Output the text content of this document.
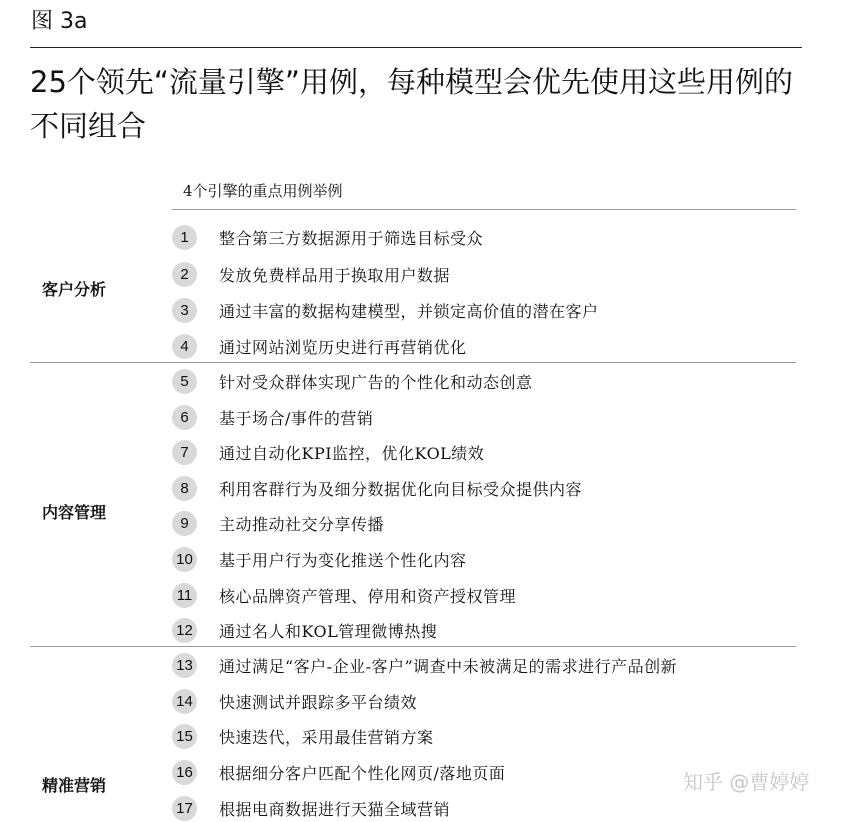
图 3a
25个领先“流量引擎”用例，每种模型会优先使用这些用例的不同组合
4个引擎的重点用例举例
客户分析
1	整合第三方数据源用于筛选目标受众
2	发放免费样品用于换取用户数据
3	通过丰富的数据构建模型，并锁定高价值的潜在客户
4	通过网站浏览历史进行再营销优化
内容管理
5	针对受众群体实现广告的个性化和动态创意
6	基于场合/事件的营销
7	通过自动化KPI监控，优化KOL绩效
8	利用客群行为及细分数据优化向目标受众提供内容
9	主动推动社交分享传播
10 基于用户行为变化推送个性化内容
11 核心品牌资产管理、停用和资产授权管理
12 通过名人和KOL管理微博热搜
精准营销
13 通过满足“客户-企业-客户”调查中未被满足的需求进行产品创新
14 快速测试并跟踪多平台绩效
15 快速迭代，采用最佳营销方案
16 根据细分客户匹配个性化网页/落地页面
17 根据电商数据进行天猫全域营销
知乎 @曹婷婷
